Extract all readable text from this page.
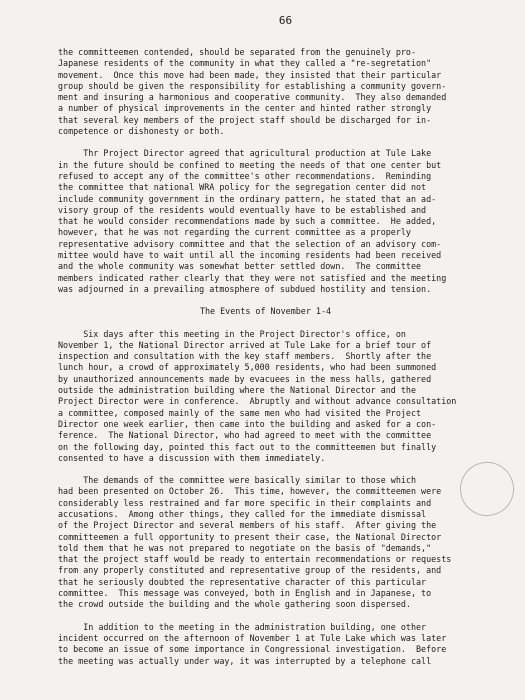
66

the committeemen contended, should be separated from the genuinely pro-

Japanese residents of the community in what they called a "re-segretation"

movement.  Once this move had been made, they insisted that their particular

group should be given the responsibility for establishing a community govern-

ment and insuring a harmonious and cooperative community.  They also demanded

a number of physical improvements in the center and hinted rather strongly

that several key members of the project staff should be discharged for in-

competence or dishonesty or both.

Thr Project Director agreed that agricultural production at Tule Lake

in the future should be confined to meeting the needs of that one center but

refused to accept any of the committee's other recommendations.  Reminding

the committee that national WRA policy for the segregation center did not

include community government in the ordinary pattern, he stated that an ad-

visory group of the residents would eventually have to be established and

that he would consider recommendations made by such a committee.  He added,

however, that he was not regarding the current committee as a properly

representative advisory committee and that the selection of an advisory com-

mittee would have to wait until all the incoming residents had been received

and the whole community was somewhat better settled down.  The committee

members indicated rather clearly that they were not satisfied and the meeting

was adjourned in a prevailing atmosphere of subdued hostility and tension.

The Events of November 1-4

Six days after this meeting in the Project Director's office, on

November 1, the National Director arrived at Tule Lake for a brief tour of

inspection and consultation with the key staff members.  Shortly after the

lunch hour, a crowd of approximately 5,000 residents, who had been summoned

by unauthorized announcements made by evacuees in the mess halls, gathered

outside the administration building where the National Director and the

Project Director were in conference.  Abruptly and without advance consultation

a committee, composed mainly of the same men who had visited the Project

Director one week earlier, then came into the building and asked for a con-

ference.  The National Director, who had agreed to meet with the committee

on the following day, pointed this fact out to the committeemen but finally

consented to have a discussion with them immediately.

The demands of the committee were basically similar to those which

had been presented on October 26.  This time, however, the committeemen were

considerably less restrained and far more specific in their complaints and

accusations.  Among other things, they called for the immediate dismissal

of the Project Director and several members of his staff.  After giving the

committeemen a full opportunity to present their case, the National Director

told them that he was not prepared to negotiate on the basis of "demands,"

that the project staff would be ready to entertain recommendations or requests

from any properly constituted and representative group of the residents, and

that he seriously doubted the representative character of this particular

committee.  This message was conveyed, both in English and in Japanese, to

the crowd outside the building and the whole gathering soon dispersed.

In addition to the meeting in the administration building, one other

incident occurred on the afternoon of November 1 at Tule Lake which was later

to become an issue of some importance in Congressional investigation.  Before

the meeting was actually under way, it was interrupted by a telephone call
